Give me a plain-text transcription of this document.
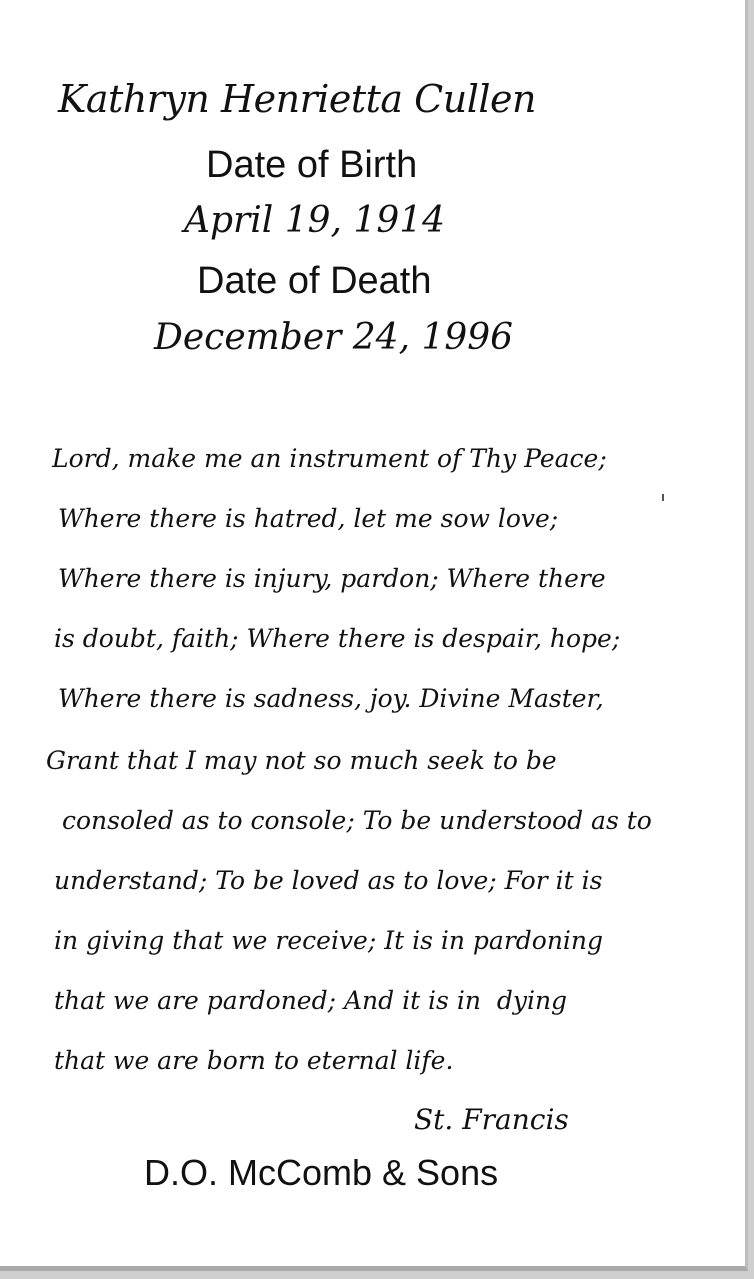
Kathryn Henrietta Cullen
Date of Birth
April 19, 1914
Date of Death
December 24, 1996
Lord, make me an instrument of Thy Peace;
Where there is hatred, let me sow love;
Where there is injury, pardon; Where there
is doubt, faith; Where there is despair, hope;
Where there is sadness, joy. Divine Master,
Grant that I may not so much seek to be
consoled as to console; To be understood as to
understand; To be loved as to love; For it is
in giving that we receive; It is in pardoning
that we are pardoned; And it is in  dying
that we are born to eternal life.
St. Francis
D.O. McComb & Sons
